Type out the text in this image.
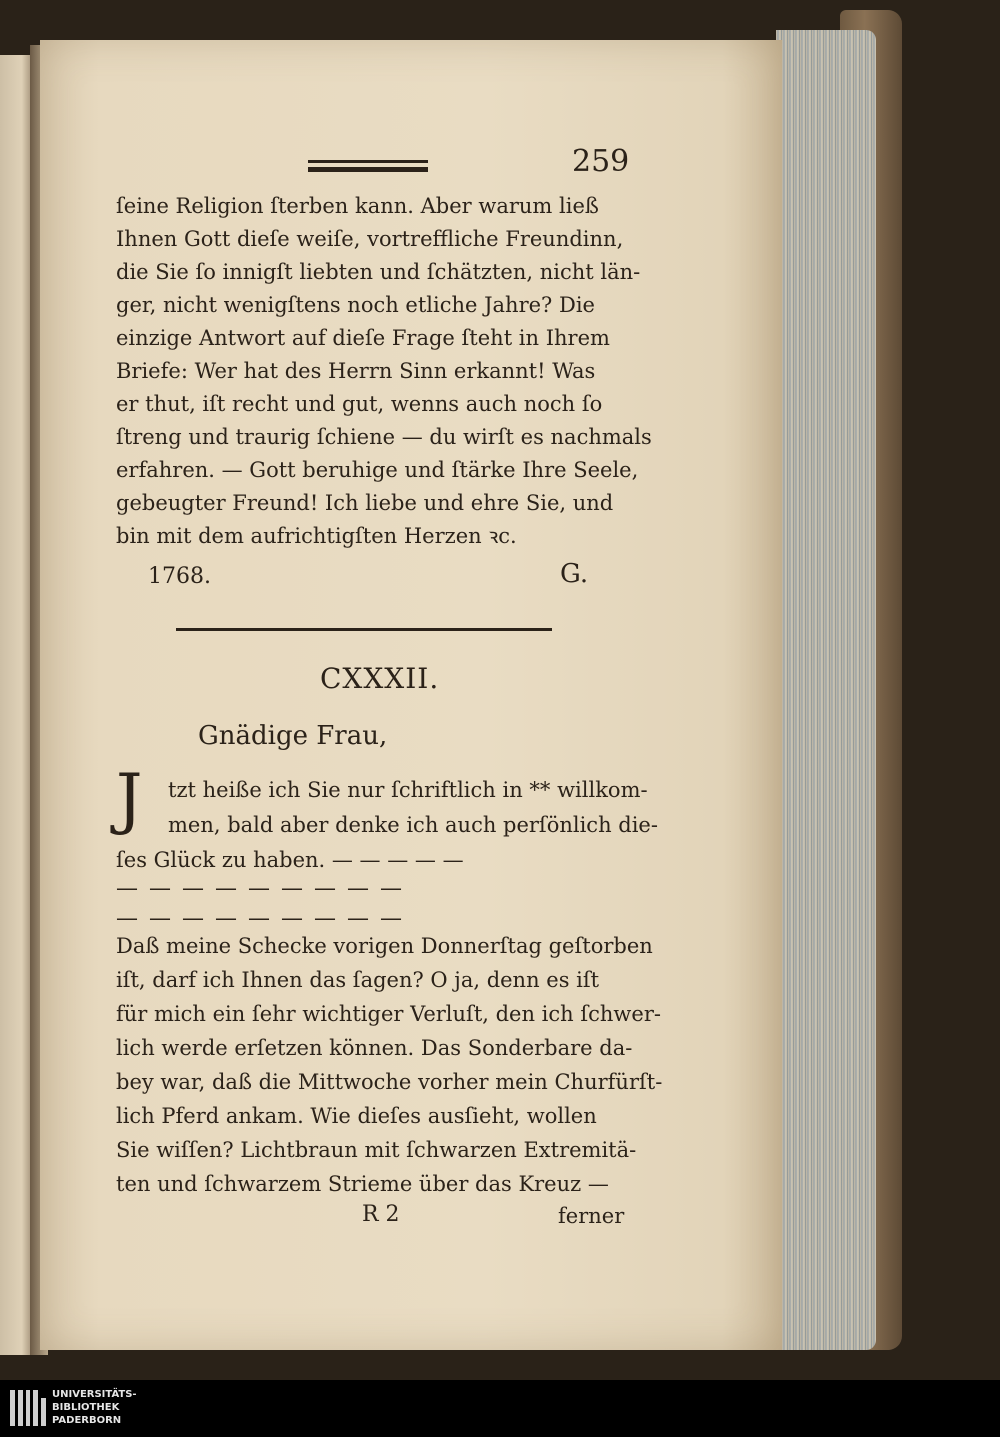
259
ſeine Religion ſterben kann. Aber warum ließ
Ihnen Gott dieſe weiſe, vortreffliche Freundinn,
die Sie ſo innigſt liebten und ſchätzten, nicht län-
ger, nicht wenigſtens noch etliche Jahre? Die
einzige Antwort auf dieſe Frage ſteht in Ihrem
Briefe: Wer hat des Herrn Sinn erkannt! Was
er thut, iſt recht und gut, wenns auch noch ſo
ſtreng und traurig ſchiene — du wirſt es nachmals
erfahren. — Gott beruhige und ſtärke Ihre Seele,
gebeugter Freund! Ich liebe und ehre Sie, und
bin mit dem aufrichtigſten Herzen ꝛc.
1768.	G.
CXXXII.
Gnädige Frau,
J	tzt heiße ich Sie nur ſchriftlich in ** willkom-
men, bald aber denke ich auch perſönlich die-
ſes Glück zu haben. — — — — —
— — — — — — — — —
— — — — — — — — —
Daß meine Schecke vorigen Donnerſtag geſtorben
iſt, darf ich Ihnen das ſagen? O ja, denn es iſt
für mich ein ſehr wichtiger Verluſt, den ich ſchwer-
lich werde erſetzen können. Das Sonderbare da-
bey war, daß die Mittwoche vorher mein Churfürſt-
lich Pferd ankam. Wie dieſes ausſieht, wollen
Sie wiſſen? Lichtbraun mit ſchwarzen Extremitä-
ten und ſchwarzem Strieme über das Kreuz —
R 2	ferner
UNIVERSITÄTS-
BIBLIOTHEK
PADERBORN
